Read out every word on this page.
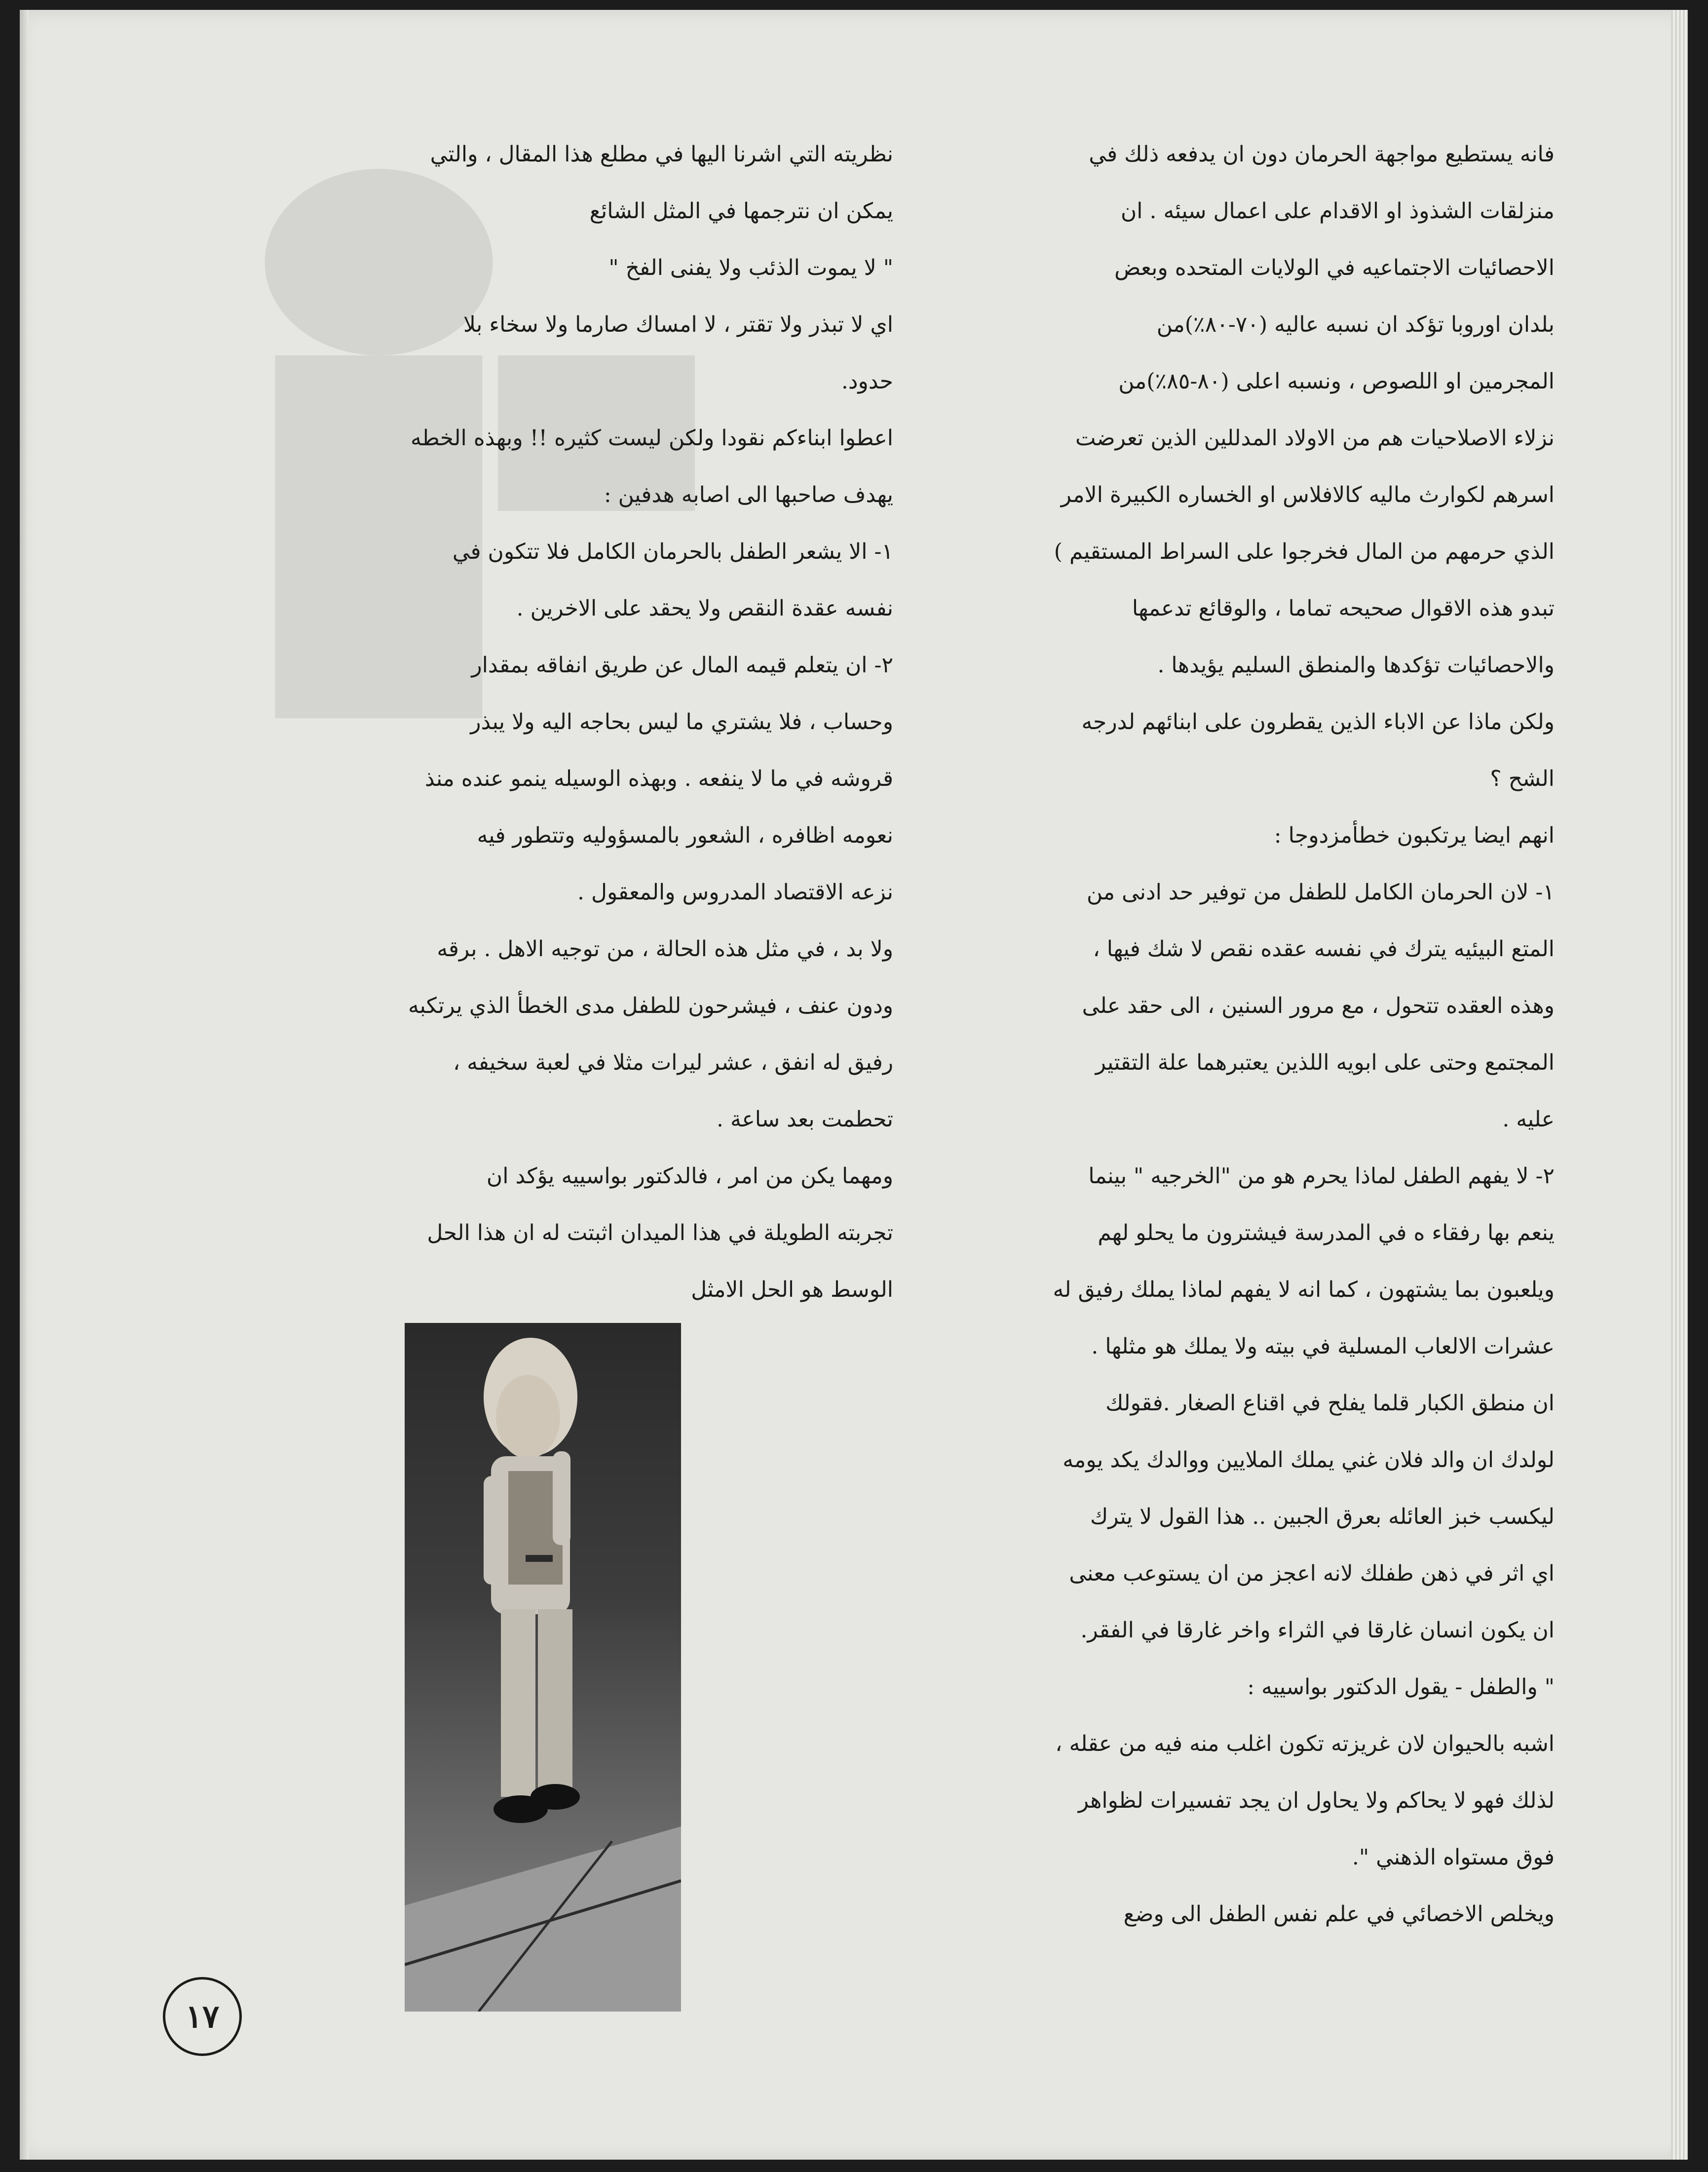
فانه يستطيع مواجهة الحرمان دون ان يدفعه ذلك في

منزلقات الشذوذ او الاقدام على اعمال سيئه . ان

الاحصائيات الاجتماعيه في الولايات المتحده وبعض

بلدان اوروبا تؤكد ان نسبه عاليه (٧٠-٨٠٪)من

المجرمين او اللصوص ، ونسبه اعلى (٨٠-٨٥٪)من

نزلاء الاصلاحيات هم من الاولاد المدللين الذين تعرضت

اسرهم لكوارث ماليه كالافلاس او الخساره الكبيرة الامر

الذي حرمهم من المال فخرجوا على السراط المستقيم )

تبدو هذه الاقوال صحيحه تماما ، والوقائع تدعمها

والاحصائيات تؤكدها والمنطق السليم يؤيدها .

ولكن ماذا عن الاباء الذين يقطرون على ابنائهم لدرجه

الشح ؟

انهم ايضا يرتكبون خطأمزدوجا :

١- لان الحرمان الكامل للطفل من توفير حد ادنى من

المتع البيئيه يترك في نفسه عقده نقص لا شك فيها ،

وهذه العقده تتحول ، مع مرور السنين ، الى حقد على

المجتمع وحتى على ابويه اللذين يعتبرهما علة التقتير

عليه .

٢- لا يفهم الطفل لماذا يحرم هو من "الخرجيه " بينما

ينعم بها رفقاء ه في المدرسة فيشترون ما يحلو لهم

ويلعبون بما يشتهون ، كما انه لا يفهم لماذا يملك رفيق له

عشرات الالعاب المسلية في بيته ولا يملك هو مثلها .

ان منطق الكبار قلما يفلح في اقناع الصغار .فقولك

لولدك ان والد فلان غني يملك الملايين ووالدك يكد يومه

ليكسب خبز العائله بعرق الجبين .. هذا القول لا يترك

اي اثر في ذهن طفلك لانه اعجز من ان يستوعب معنى

ان يكون انسان غارقا في الثراء واخر غارقا في الفقر.

" والطفل - يقول الدكتور بواسييه :

اشبه بالحيوان لان غريزته تكون اغلب منه فيه من عقله ،

لذلك فهو لا يحاكم ولا يحاول ان يجد تفسيرات لظواهر

فوق مستواه الذهني ".

ويخلص الاخصائي في علم نفس الطفل الى وضع

نظريته التي اشرنا اليها في مطلع هذا المقال ، والتي

يمكن ان نترجمها في المثل الشائع

" لا يموت الذئب ولا يفنى الفخ "

اي لا تبذر ولا تقتر ، لا امساك صارما ولا سخاء بلا

حدود.

اعطوا ابناءكم نقودا ولكن ليست كثيره !! وبهذه الخطه

يهدف صاحبها الى اصابه هدفين :

١- الا يشعر الطفل بالحرمان الكامل فلا تتكون في

نفسه عقدة النقص ولا يحقد على الاخرين .

٢- ان يتعلم قيمه المال عن طريق انفاقه بمقدار

وحساب ، فلا يشتري ما ليس بحاجه اليه ولا يبذر

قروشه في ما لا ينفعه . وبهذه الوسيله ينمو عنده منذ

نعومه اظافره ، الشعور بالمسؤوليه وتتطور فيه

نزعه الاقتصاد المدروس والمعقول .

ولا بد ، في مثل هذه الحالة ، من توجيه الاهل . برقه

ودون عنف ، فيشرحون للطفل مدى الخطأ الذي يرتكبه

رفيق له انفق ، عشر ليرات مثلا في لعبة سخيفه ،

تحطمت بعد ساعة .

ومهما يكن من امر ، فالدكتور بواسييه يؤكد ان

تجربته الطويلة في هذا الميدان اثبتت له ان هذا الحل

الوسط هو الحل الامثل

١٧
